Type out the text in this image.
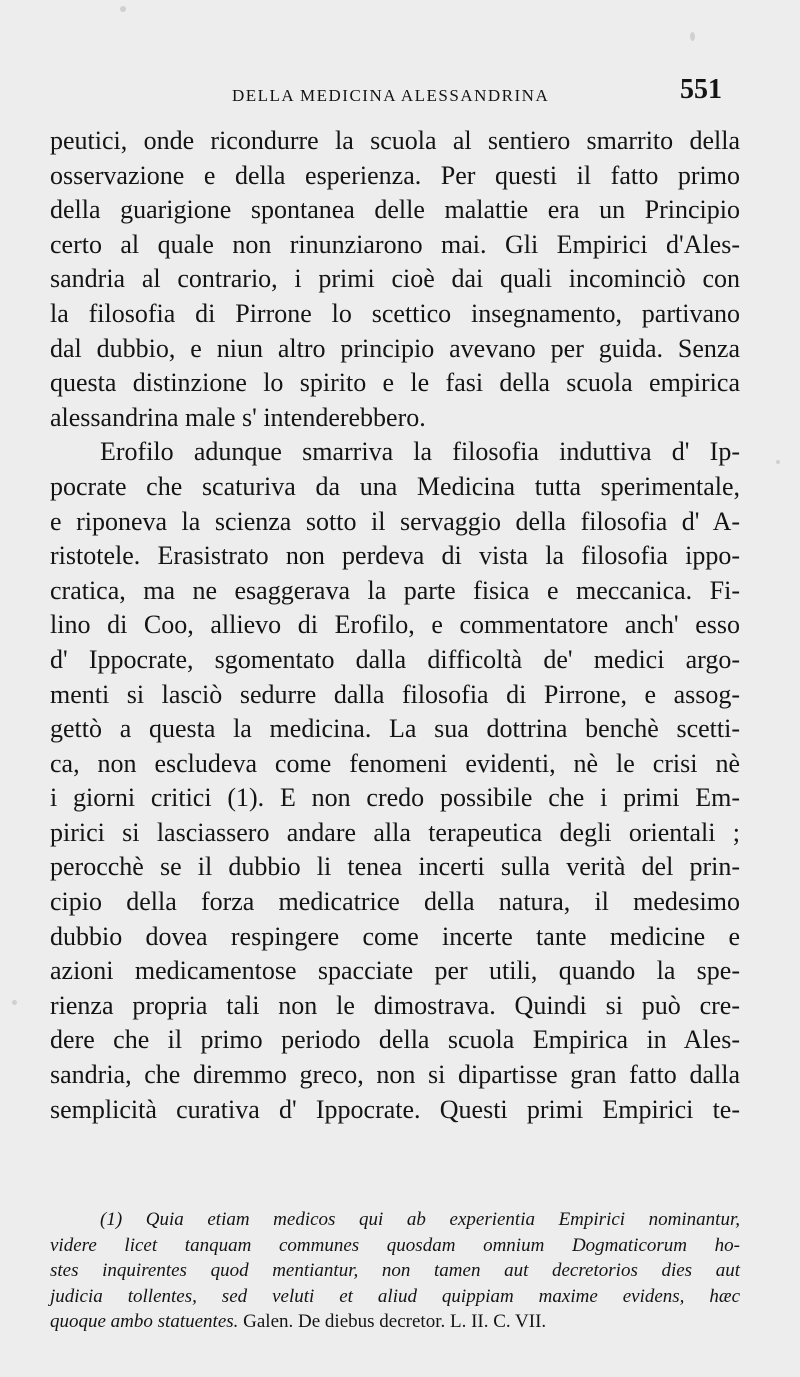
DELLA MEDICINA ALESSANDRINA	551
peutici, onde ricondurre la scuola al sentiero smarrito della
osservazione e della esperienza. Per questi il fatto primo
della guarigione spontanea delle malattie era un Principio
certo al quale non rinunziarono mai. Gli Empirici d'Ales-
sandria al contrario, i primi cioè dai quali incominciò con
la filosofia di Pirrone lo scettico insegnamento, partivano
dal dubbio, e niun altro principio avevano per guida. Senza
questa distinzione lo spirito e le fasi della scuola empirica
alessandrina male s' intenderebbero.
Erofilo adunque smarriva la filosofia induttiva d' Ip-
pocrate che scaturiva da una Medicina tutta sperimentale,
e riponeva la scienza sotto il servaggio della filosofia d' A-
ristotele. Erasistrato non perdeva di vista la filosofia ippo-
cratica, ma ne esaggerava la parte fisica e meccanica. Fi-
lino di Coo, allievo di Erofilo, e commentatore anch' esso
d' Ippocrate, sgomentato dalla difficoltà de' medici argo-
menti si lasciò sedurre dalla filosofia di Pirrone, e assog-
gettò a questa la medicina. La sua dottrina benchè scetti-
ca, non escludeva come fenomeni evidenti, nè le crisi nè
i giorni critici (1). E non credo possibile che i primi Em-
pirici si lasciassero andare alla terapeutica degli orientali ;
perocchè se il dubbio li tenea incerti sulla verità del prin-
cipio della forza medicatrice della natura, il medesimo
dubbio dovea respingere come incerte tante medicine e
azioni medicamentose spacciate per utili, quando la spe-
rienza propria tali non le dimostrava. Quindi si può cre-
dere che il primo periodo della scuola Empirica in Ales-
sandria, che diremmo greco, non si dipartisse gran fatto dalla
semplicità curativa d' Ippocrate. Questi primi Empirici te-
(1) Quia etiam medicos qui ab experientia Empirici nominantur,
videre licet tanquam communes quosdam omnium Dogmaticorum ho-
stes inquirentes quod mentiantur, non tamen aut decretorios dies aut
judicia tollentes, sed veluti et aliud quippiam maxime evidens, hæc
quoque ambo statuentes. Galen. De diebus decretor. L. II. C. VII.
